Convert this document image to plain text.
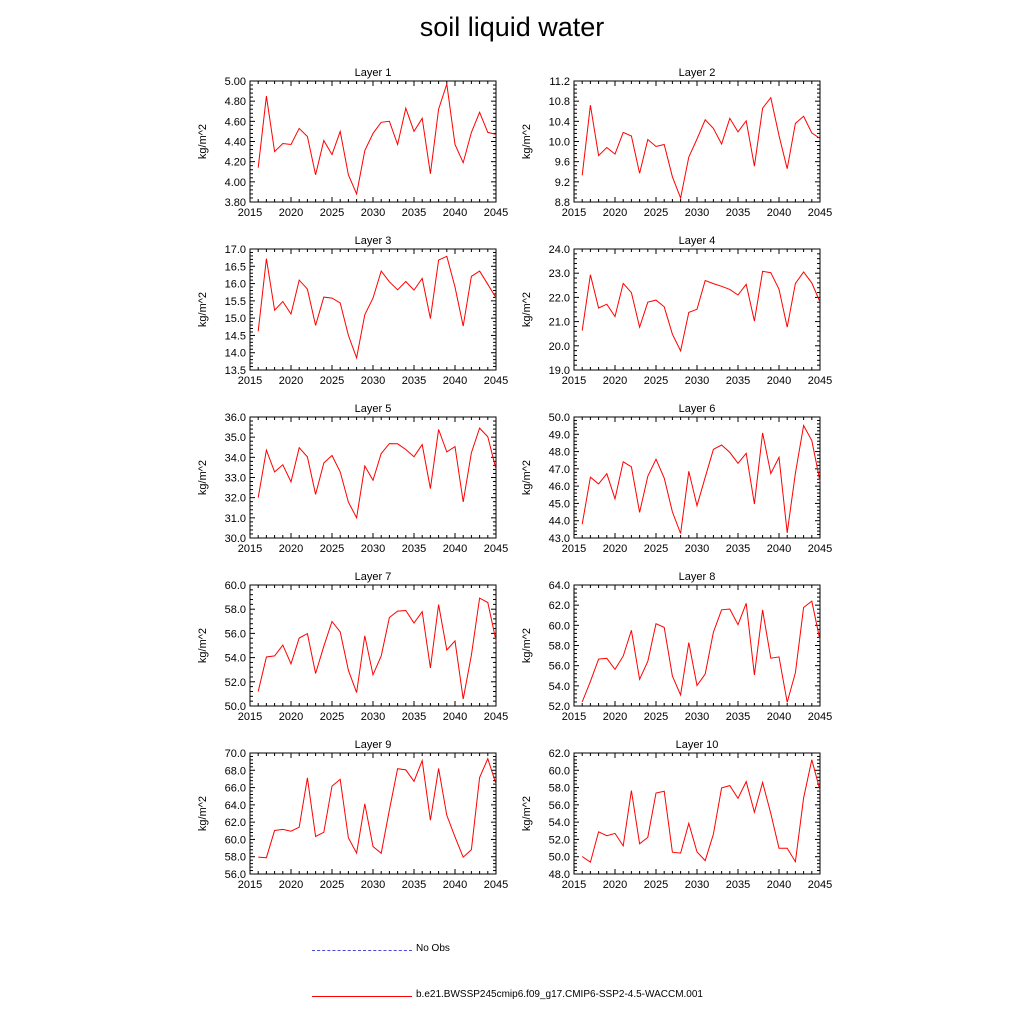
soil liquid water
Layer 1
3.80
4.00
4.20
4.40
4.60
4.80
5.00
2015 2020 2025 2030 2035 2040 2045
kg/m^2
Layer 2
8.8
9.2
9.6
10.0
10.4
10.8
11.2
2015 2020 2025 2030 2035 2040 2045
kg/m^2
Layer 3
13.5
14.0
14.5
15.0
15.5
16.0
16.5
17.0
2015 2020 2025 2030 2035 2040 2045
kg/m^2
Layer 4
19.0
20.0
21.0
22.0
23.0
24.0
2015 2020 2025 2030 2035 2040 2045
kg/m^2
Layer 5
30.0
31.0
32.0
33.0
34.0
35.0
36.0
2015 2020 2025 2030 2035 2040 2045
kg/m^2
Layer 6
43.0
44.0
45.0
46.0
47.0
48.0
49.0
50.0
2015 2020 2025 2030 2035 2040 2045
kg/m^2
Layer 7
50.0
52.0
54.0
56.0
58.0
60.0
2015 2020 2025 2030 2035 2040 2045
kg/m^2
Layer 8
52.0
54.0
56.0
58.0
60.0
62.0
64.0
2015 2020 2025 2030 2035 2040 2045
kg/m^2
Layer 9
56.0
58.0
60.0
62.0
64.0
66.0
68.0
70.0
2015 2020 2025 2030 2035 2040 2045
kg/m^2
Layer 10
48.0
50.0
52.0
54.0
56.0
58.0
60.0
62.0
2015 2020 2025 2030 2035 2040 2045
kg/m^2
No Obs
b.e21.BWSSP245cmip6.f09_g17.CMIP6-SSP2-4.5-WACCM.001
